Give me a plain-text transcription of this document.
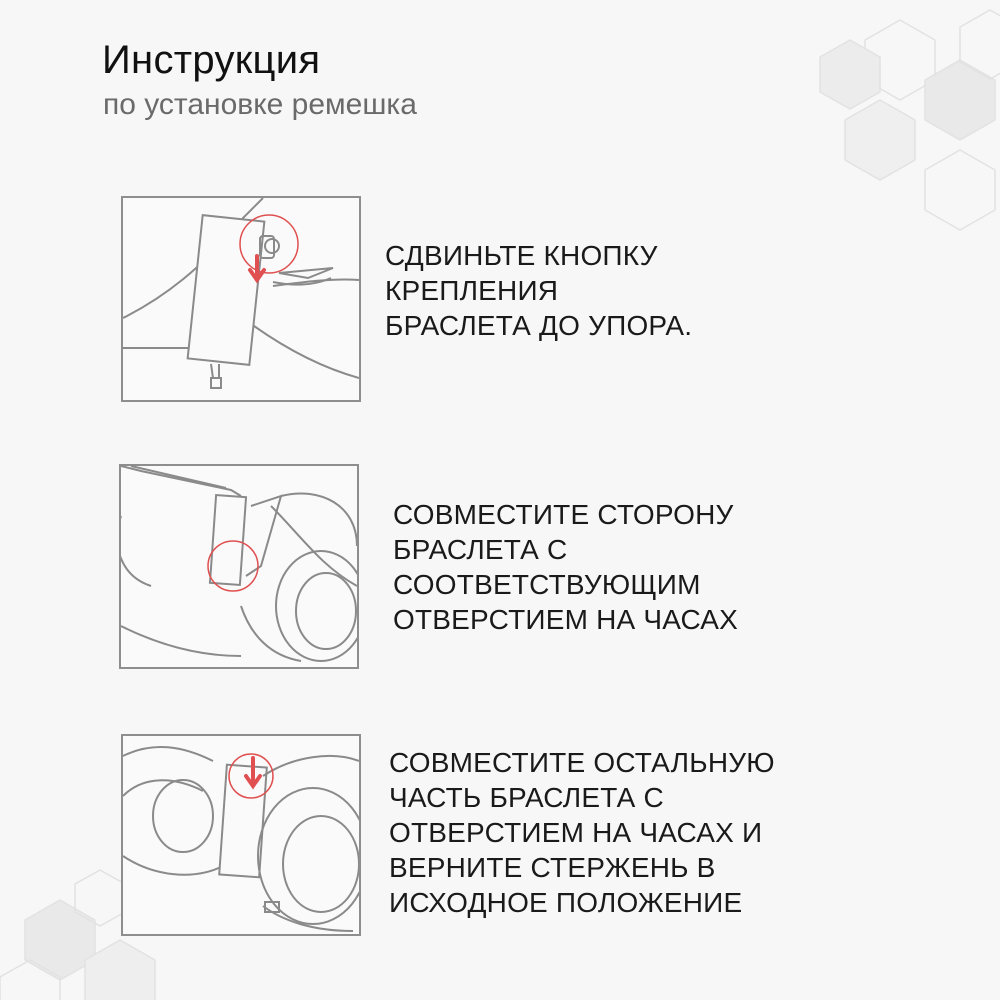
Инструкция
по установке ремешка

СДВИНЬТЕ КНОПКУ
КРЕПЛЕНИЯ
БРАСЛЕТА ДО УПОРА.

СОВМЕСТИТЕ СТОРОНУ
БРАСЛЕТА С
СООТВЕТСТВУЮЩИМ
ОТВЕРСТИЕМ НА ЧАСАХ

СОВМЕСТИТЕ ОСТАЛЬНУЮ
ЧАСТЬ БРАСЛЕТА С
ОТВЕРСТИЕМ НА ЧАСАХ И
ВЕРНИТЕ СТЕРЖЕНЬ В
ИСХОДНОЕ ПОЛОЖЕНИЕ
